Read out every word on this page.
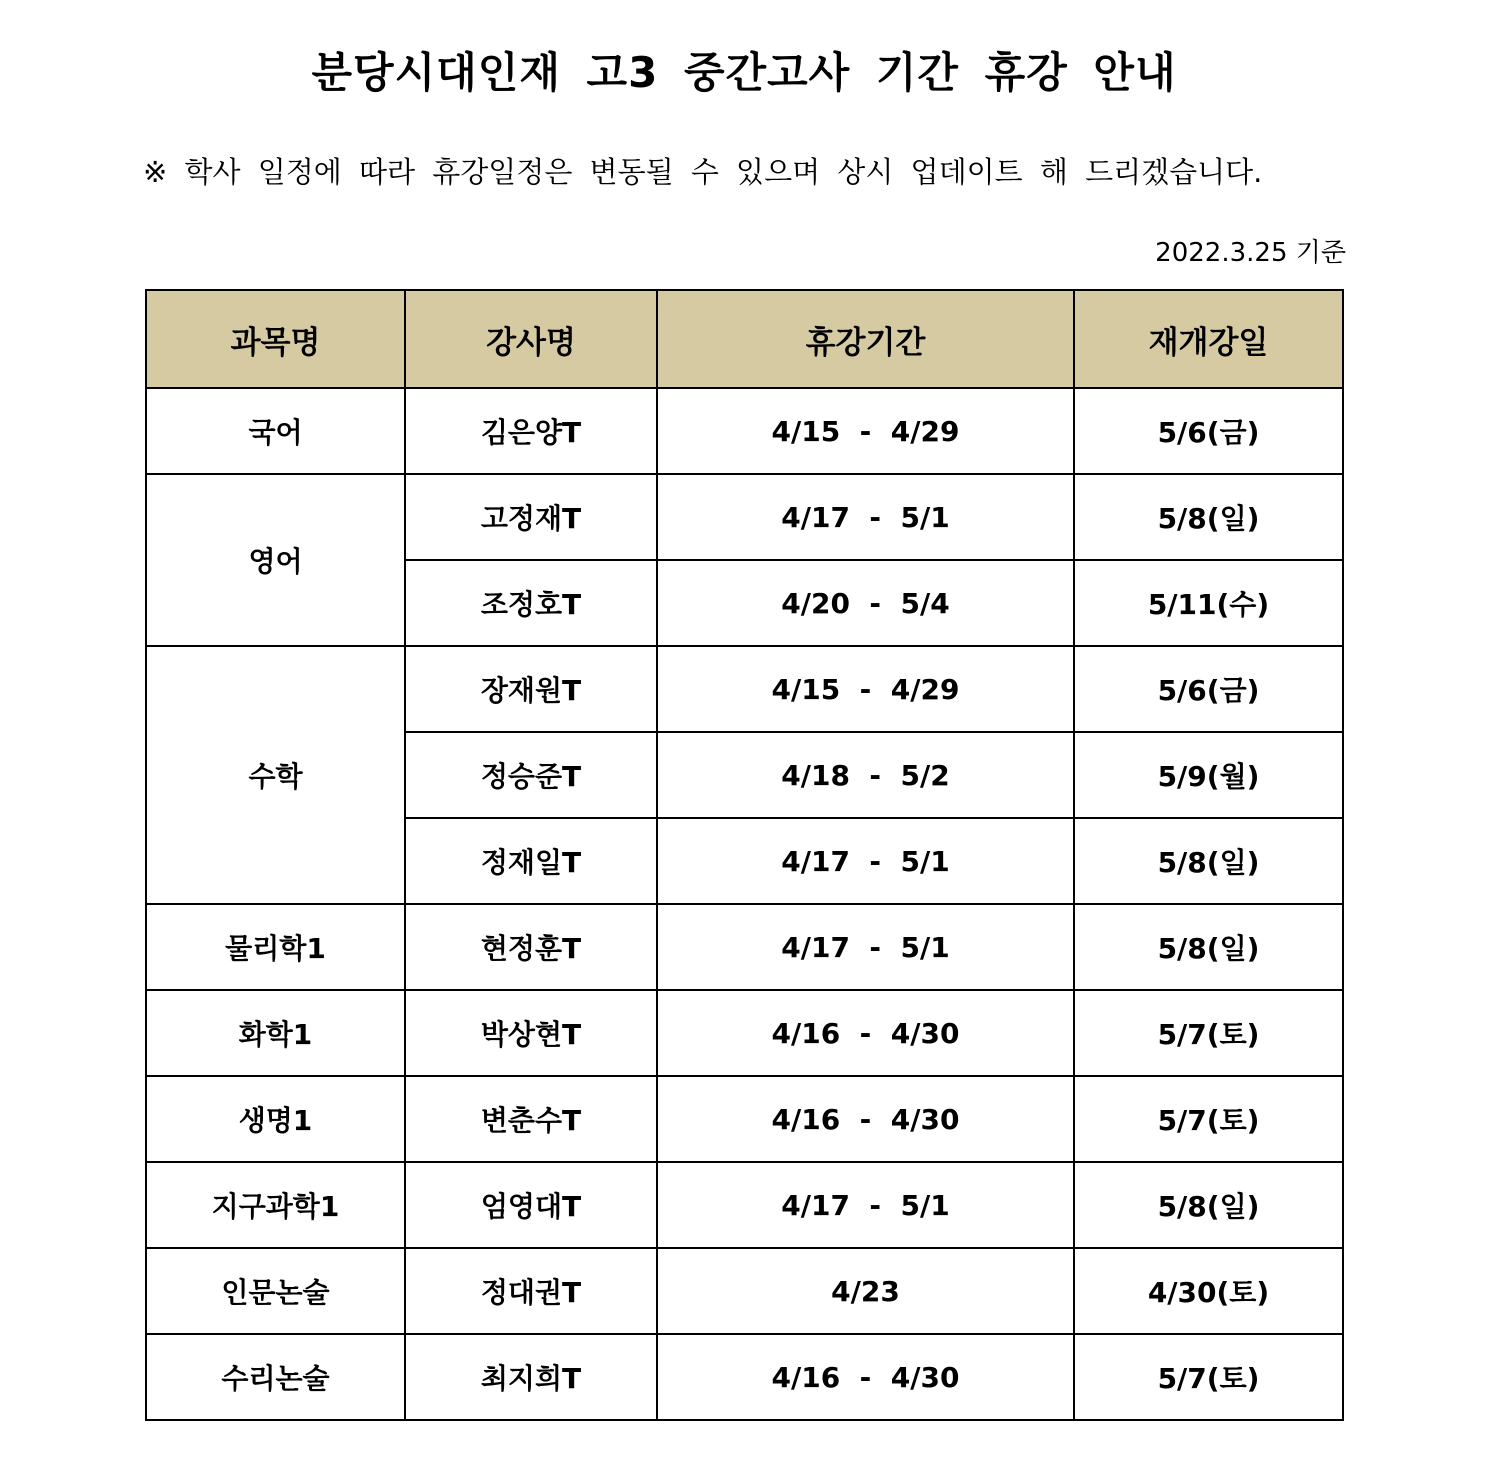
분당시대인재 고3 중간고사 기간 휴강 안내
※ 학사 일정에 따라 휴강일정은 변동될 수 있으며 상시 업데이트 해 드리겠습니다.
2022.3.25 기준
과목명	강사명	휴강기간	재개강일
국어	김은양T	4/15  -  4/29	5/6(금)
영어	고정재T	4/17  -  5/1	5/8(일)
	조정호T	4/20  -  5/4	5/11(수)
수학	장재원T	4/15  -  4/29	5/6(금)
	정승준T	4/18  -  5/2	5/9(월)
	정재일T	4/17  -  5/1	5/8(일)
물리학1	현정훈T	4/17  -  5/1	5/8(일)
화학1	박상현T	4/16  -  4/30	5/7(토)
생명1	변춘수T	4/16  -  4/30	5/7(토)
지구과학1	엄영대T	4/17  -  5/1	5/8(일)
인문논술	정대권T	4/23	4/30(토)
수리논술	최지희T	4/16  -  4/30	5/7(토)
